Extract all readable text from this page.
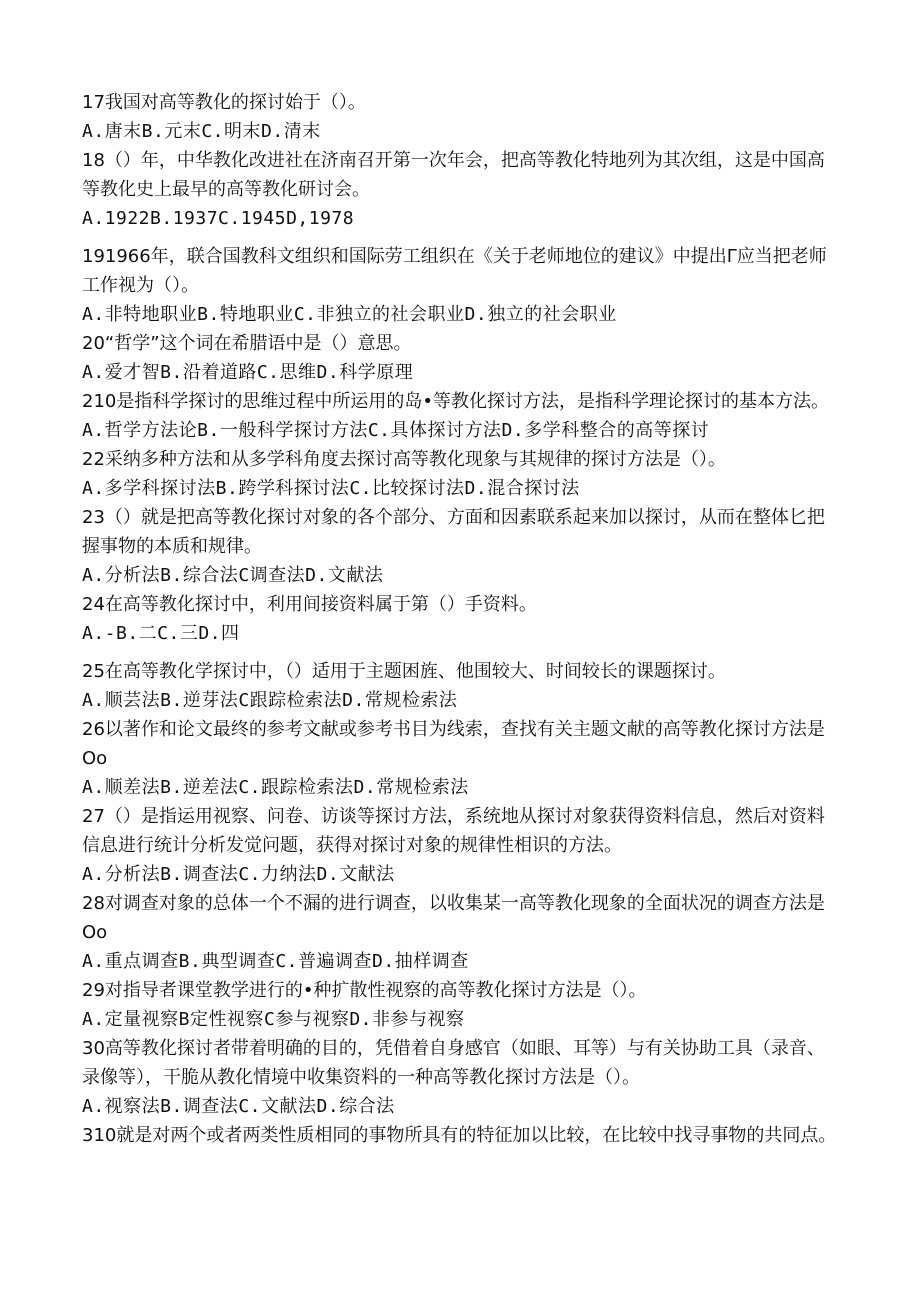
17我国对高等教化的探讨始于（）。

A.唐末B.元末C.明末D.清末

18（）年，中华教化改进社在济南召开第一次年会，把高等教化特地列为其次组，这是中国高等教化史上最早的高等教化研讨会。

A.1922B.1937C.1945D,1978

191966年，联合国教科文组织和国际劳工组织在《关于老师地位的建议》中提出Γ应当把老师工作视为（）。

A.非特地职业B.特地职业C.非独立的社会职业D.独立的社会职业

20“哲学”这个词在希腊语中是（）意思。

A.爱才智B.沿着道路C.思维D.科学原理

210是指科学探讨的思维过程中所运用的岛•等教化探讨方法，是指科学理论探讨的基本方法。

A.哲学方法论B.一般科学探讨方法C.具体探讨方法D.多学科整合的高等探讨

22采纳多种方法和从多学科角度去探讨高等教化现象与其规律的探讨方法是（）。

A.多学科探讨法B.跨学科探讨法C.比较探讨法D.混合探讨法

23（）就是把高等教化探讨对象的各个部分、方面和因素联系起来加以探讨，从而在整体匕把握事物的本质和规律。

A.分析法B.综合法C调查法D.文献法

24在高等教化探讨中，利用间接资料属于第（）手资料。

A.-B.二C.三D.四

25在高等教化学探讨中，（）适用于主题困旌、他围较大、时间较长的课题探讨。

A.顺芸法B.逆芽法C跟踪检索法D.常规检索法

26以著作和论文最终的参考文献或参考书目为线索，查找有关主题文献的高等教化探讨方法是Oo

A.顺差法B.逆差法C.跟踪检索法D.常规检索法

27（）是指运用视察、问卷、访谈等探讨方法，系统地从探讨对象获得资料信息，然后对资料信息进行统计分析发觉问题，获得对探讨对象的规律性相识的方法。

A.分析法B.调查法C.力纳法D.文献法

28对调查对象的总体一个不漏的进行调查，以收集某一高等教化现象的全面状况的调查方法是Oo

A.重点调查B.典型调查C.普遍调查D.抽样调查

29对指导者课堂教学进行的•种扩散性视察的高等教化探讨方法是（）。

A.定量视察B定性视察C参与视察D.非参与视察

30高等教化探讨者带着明确的目的，凭借着自身感官（如眼、耳等）与有关协助工具（录音、录像等），干脆从教化情境中收集资料的一种高等教化探讨方法是（）。

A.视察法B.调查法C.文献法D.综合法

310就是对两个或者两类性质相同的事物所具有的特征加以比较，在比较中找寻事物的共同点。
